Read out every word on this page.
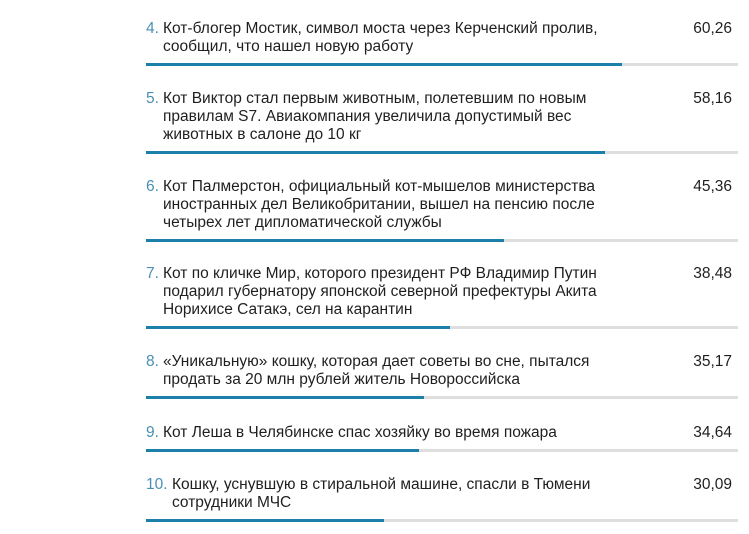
4. Кот-блогер Мостик, символ моста через Керченский пролив, сообщил, что нашел новую работу
60,26
5. Кот Виктор стал первым животным, полетевшим по новым правилам S7. Авиакомпания увеличила допустимый вес животных в салоне до 10 кг
58,16
6. Кот Палмерстон, официальный кот-мышелов министерства иностранных дел Великобритании, вышел на пенсию после четырех лет дипломатической службы
45,36
7. Кот по кличке Мир, которого президент РФ Владимир Путин подарил губернатору японской северной префектуры Акита Норихисе Сатакэ, сел на карантин
38,48
8. «Уникальную» кошку, которая дает советы во сне, пытался продать за 20 млн рублей житель Новороссийска
35,17
9. Кот Леша в Челябинске спас хозяйку во время пожара	34,64
10. Кошку, уснувшую в стиральной машине, спасли в Тюмени сотрудники МЧС
30,09
